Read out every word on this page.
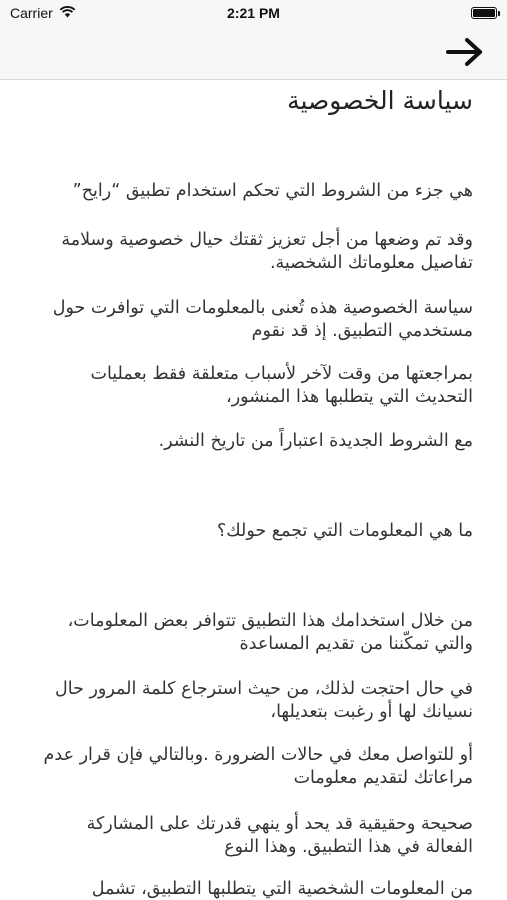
Carrier	2:21 PM
سياسة الخصوصية

هي جزء من الشروط التي تحكم استخدام تطبيق “رايح”

وقد تم وضعها من أجل تعزيز ثقتك حيال خصوصية وسلامة تفاصيل معلوماتك الشخصية.

سياسة الخصوصية هذه تُعنى بالمعلومات التي توافرت حول مستخدمي التطبيق. إذ قد نقوم

بمراجعتها من وقت لآخر لأسباب متعلقة فقط بعمليات التحديث التي يتطلبها هذا المنشور،

مع الشروط الجديدة اعتباراً من تاريخ النشر.

ما هي المعلومات التي تجمع حولك؟

من خلال استخدامك هذا التطبيق تتوافر بعض المعلومات، والتي تمكّننا من تقديم المساعدة

في حال احتجت لذلك، من حيث استرجاع كلمة المرور حال نسيانك لها أو رغبت بتعديلها،

أو للتواصل معك في حالات الضرورة .وبالتالي فإن قرار عدم مراعاتك لتقديم معلومات

صحيحة وحقيقية قد يحد أو ينهي قدرتك على المشاركة الفعالة في هذا التطبيق. وهذا النوع

من المعلومات الشخصية التي يتطلبها التطبيق، تشمل
